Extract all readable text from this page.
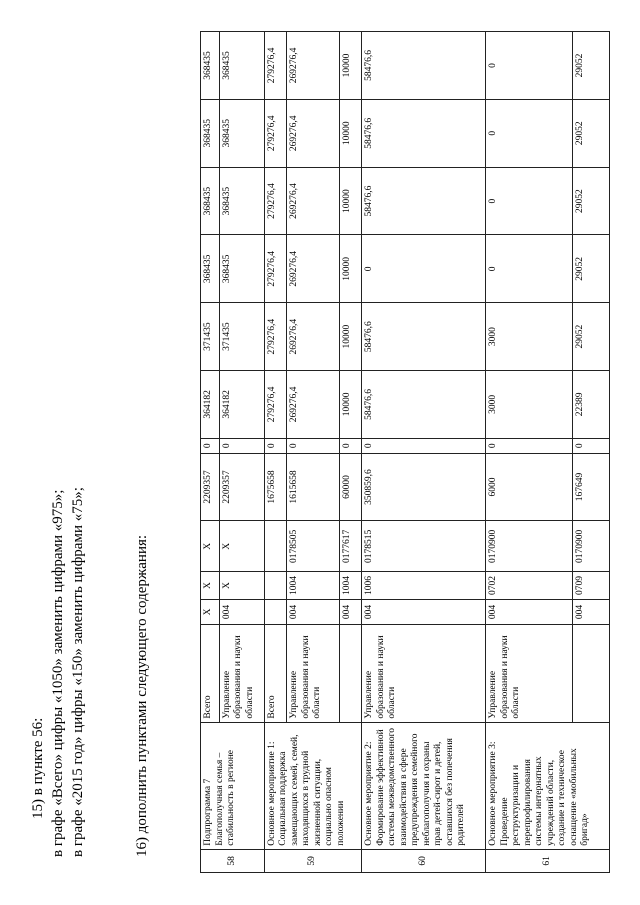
15) в пункте 56: в графе «Всего» цифры «1050» заменить цифрами «975»; в графе «2015 год» цифры «150» заменить цифрами «75»;	16) дополнить пунктами следующего содержания:

58	Подпрограмма 7 Благополучная семья – стабильность в регионе	Всего	X	X	X	2209357	0	364182	371435	368435	368435	368435	368435
		Управление образования и науки области	004	X	X	2209357	0	364182	371435	368435	368435	368435	368435
59	Основное мероприятие 1: Социальная поддержка замещающих семей, семей, находящихся в трудной жизненной ситуации, социально опасном положении	Всего				1675658	0	279276,4	279276,4	279276,4	279276,4	279276,4	279276,4
		Управление образования и науки области	004	1004	0178505	1615658	0	269276,4	269276,4	269276,4	269276,4	269276,4	269276,4
			004	1004	0177617	60000	0	10000	10000	10000	10000	10000	10000
60	Основное мероприятие 2: Формирование эффективной системы межведомственного взаимодействия в сфере предупреждения семейного неблагополучия и охраны прав детей-сирот и детей, оставшихся без попечения родителей	Управление образования и науки области	004	1006	0178515	350859,6	0	58476,6	58476,6	0	58476,6	58476,6	58476,6
61	Основное мероприятие 3: Проведение реструктуризации и перепрофилирования системы интернатных учреждений области, создание и техническое оснащение «мобильных бригад»	Управление образования и науки области	004	0702	0170900	6000	0	3000	3000	0	0	0	0
			004	0709	0170900	167649	0	22389	29052	29052	29052	29052	29052
